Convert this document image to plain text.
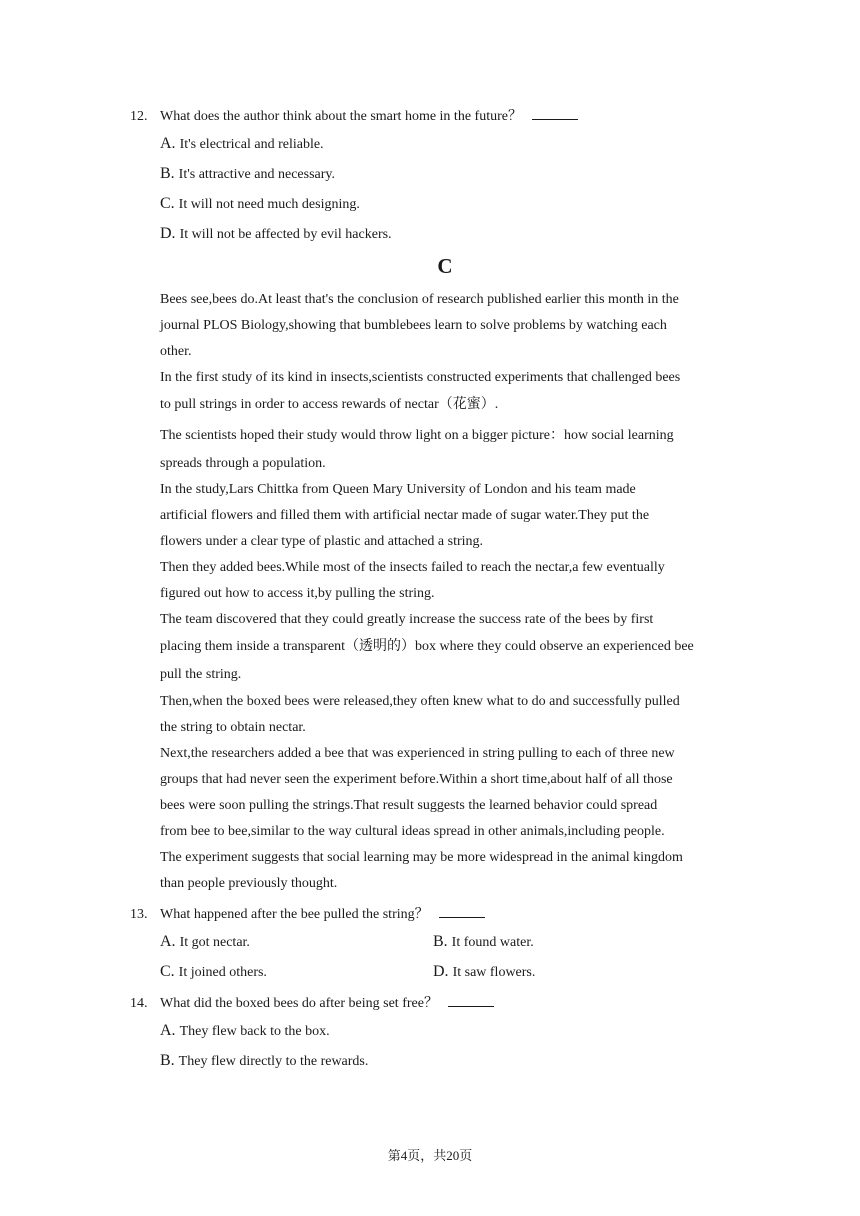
12. What does the author think about the smart home in the future？
A. It's electrical and reliable.
B. It's attractive and necessary.
C. It will not need much designing.
D. It will not be affected by evil hackers.
C
Bees see,bees do.At least that's the conclusion of research published earlier this month in the
journal PLOS Biology,showing that bumblebees learn to solve problems by watching each
other.
In the first study of its kind in insects,scientists constructed experiments that challenged bees
to pull strings in order to access rewards of nectar（花蜜）.
The scientists hoped their study would throw light on a bigger picture：how social learning
spreads through a population.
In the study,Lars Chittka from Queen Mary University of London and his team made
artificial flowers and filled them with artificial nectar made of sugar water.They put the
flowers under a clear type of plastic and attached a string.
Then they added bees.While most of the insects failed to reach the nectar,a few eventually
figured out how to access it,by pulling the string.
The team discovered that they could greatly increase the success rate of the bees by first
placing them inside a transparent（透明的）box where they could observe an experienced bee
pull the string.
Then,when the boxed bees were released,they often knew what to do and successfully pulled
the string to obtain nectar.
Next,the researchers added a bee that was experienced in string pulling to each of three new
groups that had never seen the experiment before.Within a short time,about half of all those
bees were soon pulling the strings.That result suggests the learned behavior could spread
from bee to bee,similar to the way cultural ideas spread in other animals,including people.
The experiment suggests that social learning may be more widespread in the animal kingdom
than people previously thought.
13. What happened after the bee pulled the string？
A. It got nectar.	B. It found water.
C. It joined others.	D. It saw flowers.
14. What did the boxed bees do after being set free？
A. They flew back to the box.
B. They flew directly to the rewards.
第4页，共20页
